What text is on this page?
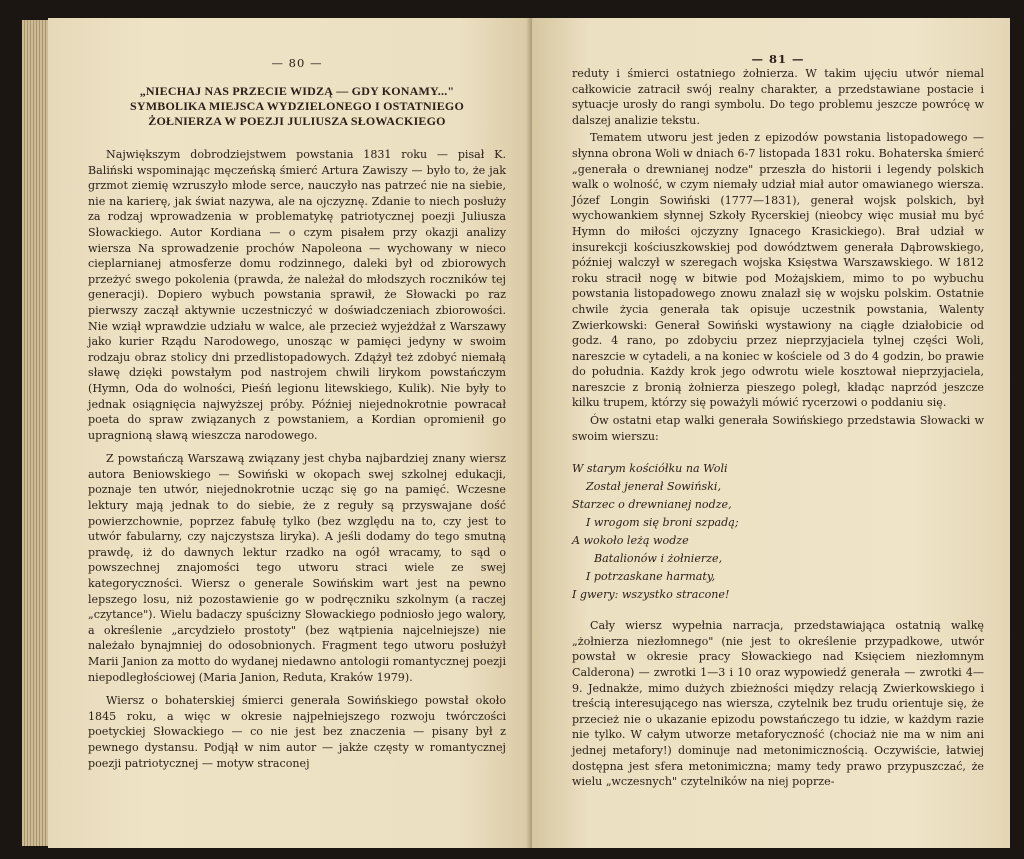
— 80 —
„NIECHAJ NAS PRZECIE WIDZĄ — GDY KONAMY..."
SYMBOLIKA MIEJSCA WYDZIELONEGO I OSTATNIEGO
ŻOŁNIERZA W POEZJI JULIUSZA SŁOWACKIEGO

Największym dobrodziejstwem powstania 1831 roku — pisał K. Baliński wspominając męczeńską śmierć Artura Zawiszy — było to, że jak grzmot ziemię wzruszyło młode serce, nauczyło nas patrzeć nie na siebie, nie na karierę, jak świat nazywa, ale na ojczyznę. Zdanie to niech posłuży za rodzaj wprowadzenia w problematykę patriotycznej poezji Juliusza Słowackiego. Autor Kordiana — o czym pisałem przy okazji analizy wiersza Na sprowadzenie prochów Napoleona — wychowany w nieco cieplarnianej atmosferze domu rodzinnego, daleki był od zbiorowych przeżyć swego pokolenia (prawda, że należał do młodszych roczników tej generacji). Dopiero wybuch powstania sprawił, że Słowacki po raz pierwszy zaczął aktywnie uczestniczyć w doświadczeniach zbiorowości. Nie wziął wprawdzie udziału w walce, ale przecież wyjeżdżał z Warszawy jako kurier Rządu Narodowego, unosząc w pamięci jedyny w swoim rodzaju obraz stolicy dni przedlistopadowych. Zdążył też zdobyć niemałą sławę dzięki powstałym pod nastrojem chwili lirykom powstańczym (Hymn, Oda do wolności, Pieśń legionu litewskiego, Kulik). Nie były to jednak osiągnięcia najwyższej próby. Później niejednokrotnie powracał poeta do spraw związanych z powstaniem, a Kordian opromienił go upragnioną sławą wieszcza narodowego.

Z powstańczą Warszawą związany jest chyba najbardziej znany wiersz autora Beniowskiego — Sowiński w okopach swej szkolnej edukacji, poznaje ten utwór, niejednokrotnie ucząc się go na pamięć. Wczesne lektury mają jednak to do siebie, że z reguły są przyswajane dość powierzchownie, poprzez fabułę tylko (bez względu na to, czy jest to utwór fabularny, czy najczystsza liryka). A jeśli dodamy do tego smutną prawdę, iż do dawnych lektur rzadko na ogół wracamy, to sąd o powszechnej znajomości tego utworu straci wiele ze swej kategoryczności. Wiersz o generale Sowińskim wart jest na pewno lepszego losu, niż pozostawienie go w podręczniku szkolnym (a raczej „czytance"). Wielu badaczy spuścizny Słowackiego podniosło jego walory, a określenie „arcydzieło prostoty" (bez wątpienia najcelniejsze) nie należało bynajmniej do odosobnionych. Fragment tego utworu posłużył Marii Janion za motto do wydanej niedawno antologii romantycznej poezji niepodległościowej (Maria Janion, Reduta, Kraków 1979).

Wiersz o bohaterskiej śmierci generała Sowińskiego powstał około 1845 roku, a więc w okresie najpełniejszego rozwoju twórczości poetyckiej Słowackiego — co nie jest bez znaczenia — pisany był z pewnego dystansu. Podjął w nim autor — jakże częsty w romantycznej poezji patriotycznej — motyw straconej

— 81 —

reduty i śmierci ostatniego żołnierza. W takim ujęciu utwór niemal całkowicie zatracił swój realny charakter, a przedstawiane postacie i sytuacje urosły do rangi symbolu. Do tego problemu jeszcze powrócę w dalszej analizie tekstu.

Tematem utworu jest jeden z epizodów powstania listopadowego — słynna obrona Woli w dniach 6-7 listopada 1831 roku. Bohaterska śmierć „generała o drewnianej nodze" przeszła do historii i legendy polskich walk o wolność, w czym niemały udział miał autor omawianego wiersza. Józef Longin Sowiński (1777—1831), generał wojsk polskich, był wychowankiem słynnej Szkoły Rycerskiej (nieobcy więc musiał mu być Hymn do miłości ojczyzny Ignacego Krasickiego). Brał udział w insurekcji kościuszkowskiej pod dowództwem generała Dąbrowskiego, później walczył w szeregach wojska Księstwa Warszawskiego. W 1812 roku stracił nogę w bitwie pod Możajskiem, mimo to po wybuchu powstania listopadowego znowu znalazł się w wojsku polskim. Ostatnie chwile życia generała tak opisuje uczestnik powstania, Walenty Zwierkowski: Generał Sowiński wystawiony na ciągłe działobicie od godz. 4 rano, po zdobyciu przez nieprzyjaciela tylnej części Woli, nareszcie w cytadeli, a na koniec w kościele od 3 do 4 godzin, bo prawie do południa. Każdy krok jego odwrotu wiele kosztował nieprzyjaciela, nareszcie z bronią żołnierza pieszego poległ, kładąc naprzód jeszcze kilku trupem, którzy się poważyli mówić rycerzowi o poddaniu się.

Ów ostatni etap walki generała Sowińskiego przedstawia Słowacki w swoim wierszu:

W starym kościółku na Woli
Został jenerał Sowiński,
Starzec o drewnianej nodze,
I wrogom się broni szpadą;
A wokoło leżą wodze
Batalionów i żołnierze,
I potrzaskane harmaty,
I gwery: wszystko stracone!

Cały wiersz wypełnia narracja, przedstawiająca ostatnią walkę „żołnierza niezłomnego" (nie jest to określenie przypadkowe, utwór powstał w okresie pracy Słowackiego nad Księciem niezłomnym Calderona) — zwrotki 1—3 i 10 oraz wypowiedź generała — zwrotki 4—9. Jednakże, mimo dużych zbieżności między relacją Zwierkowskiego i treścią interesującego nas wiersza, czytelnik bez trudu orientuje się, że przecież nie o ukazanie epizodu powstańczego tu idzie, w każdym razie nie tylko. W całym utworze metaforyczność (chociaż nie ma w nim ani jednej metafory!) dominuje nad metonimicznością. Oczywiście, łatwiej dostępna jest sfera metonimiczna; mamy tedy prawo przypuszczać, że wielu „wczesnych" czytelników na niej poprze-
